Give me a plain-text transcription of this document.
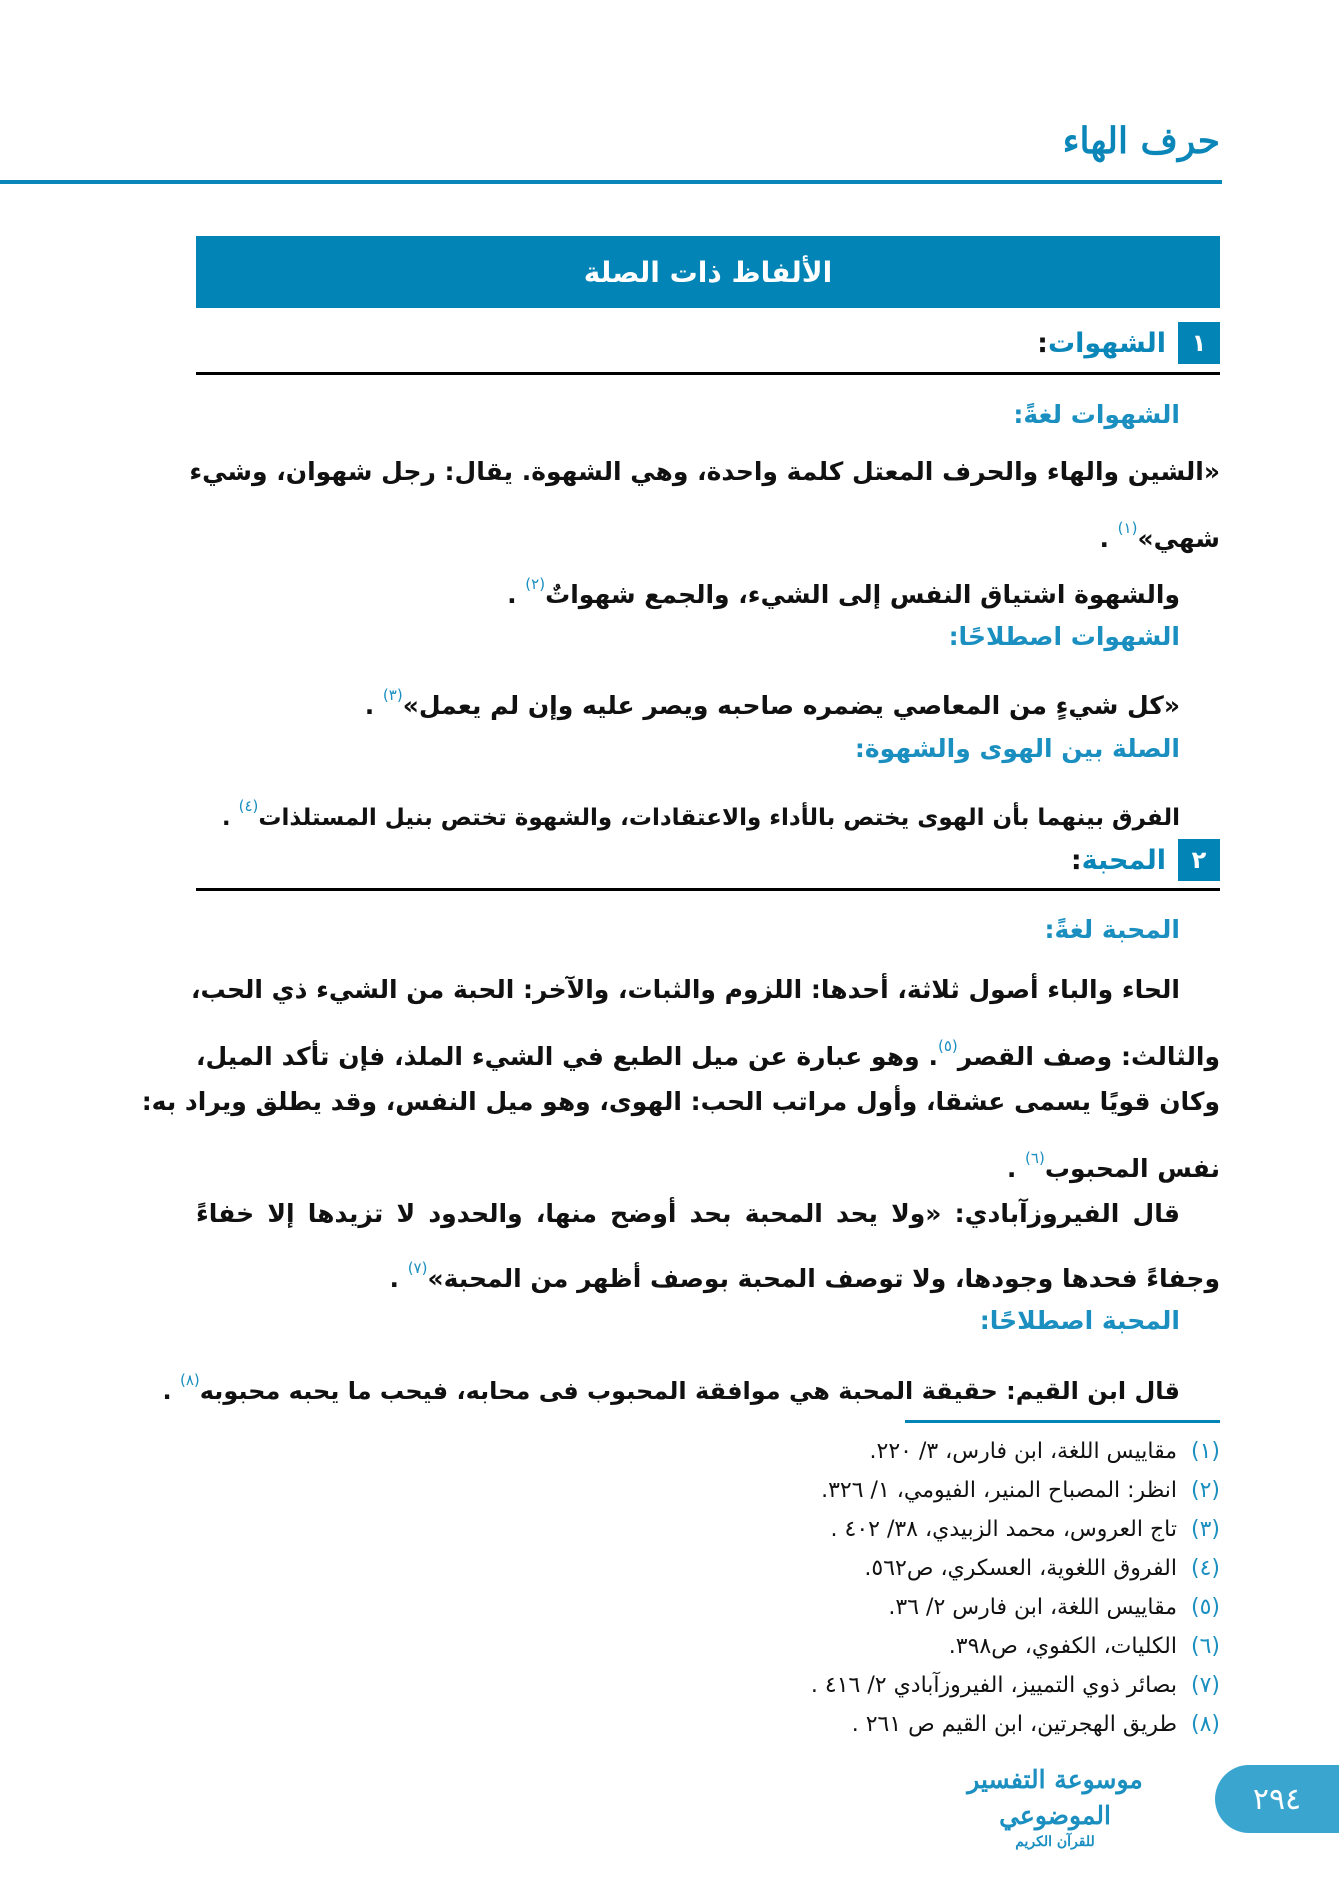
حرف الهاء
الألفاظ ذات الصلة
١
الشهوات:
الشهوات لغةً:
«الشين والهاء والحرف المعتل كلمة واحدة، وهي الشهوة. يقال: رجل شهوان، وشيء
شهي»$^{(١)}$ .
والشهوة اشتياق النفس إلى الشيء، والجمع شهواتٌ$^{(٢)}$ .
الشهوات اصطلاحًا:
«كل شيءٍ من المعاصي يضمره صاحبه ويصر عليه وإن لم يعمل»$^{(٣)}$ .
الصلة بين الهوى والشهوة:
الفرق بينهما بأن الهوى يختص بالأداء والاعتقادات، والشهوة تختص بنيل المستلذات$^{(٤)}$ .
٢
المحبة:
المحبة لغةً:
الحاء والباء أصول ثلاثة، أحدها: اللزوم والثبات، والآخر: الحبة من الشيء ذي الحب،
والثالث: وصف القصر$^{(٥)}$. وهو عبارة عن ميل الطبع في الشيء الملذ، فإن تأكد الميل،
وكان قويًا يسمى عشقا، وأول مراتب الحب: الهوى، وهو ميل النفس، وقد يطلق ويراد به:
نفس المحبوب$^{(٦)}$ .
قال الفيروزآبادي: «ولا يحد المحبة بحد أوضح منها، والحدود لا تزيدها إلا خفاءً
وجفاءً فحدها وجودها، ولا توصف المحبة بوصف أظهر من المحبة»$^{(٧)}$ .
المحبة اصطلاحًا:
قال ابن القيم: حقيقة المحبة هي موافقة المحبوب فى محابه، فيحب ما يحبه محبوبه$^{(٨)}$ .
(١)
مقاييس اللغة، ابن فارس، ٣/ ٢٢٠.
(٢)
انظر: المصباح المنير، الفيومي، ١/ ٣٢٦.
(٣)
تاج العروس، محمد الزبيدي، ٣٨/ ٤٠٢ .
(٤)
الفروق اللغوية، العسكري، ص٥٦٢.
(٥)
مقاييس اللغة، ابن فارس ٢/ ٣٦.
(٦)
الكليات، الكفوي، ص٣٩٨.
(٧)
بصائر ذوي التمييز، الفيروزآبادي ٢/ ٤١٦ .
(٨)
طريق الهجرتين، ابن القيم ص ٢٦١ .
موسوعة التفسير الموضوعي
للقرآن الكريم
٢٩٤
